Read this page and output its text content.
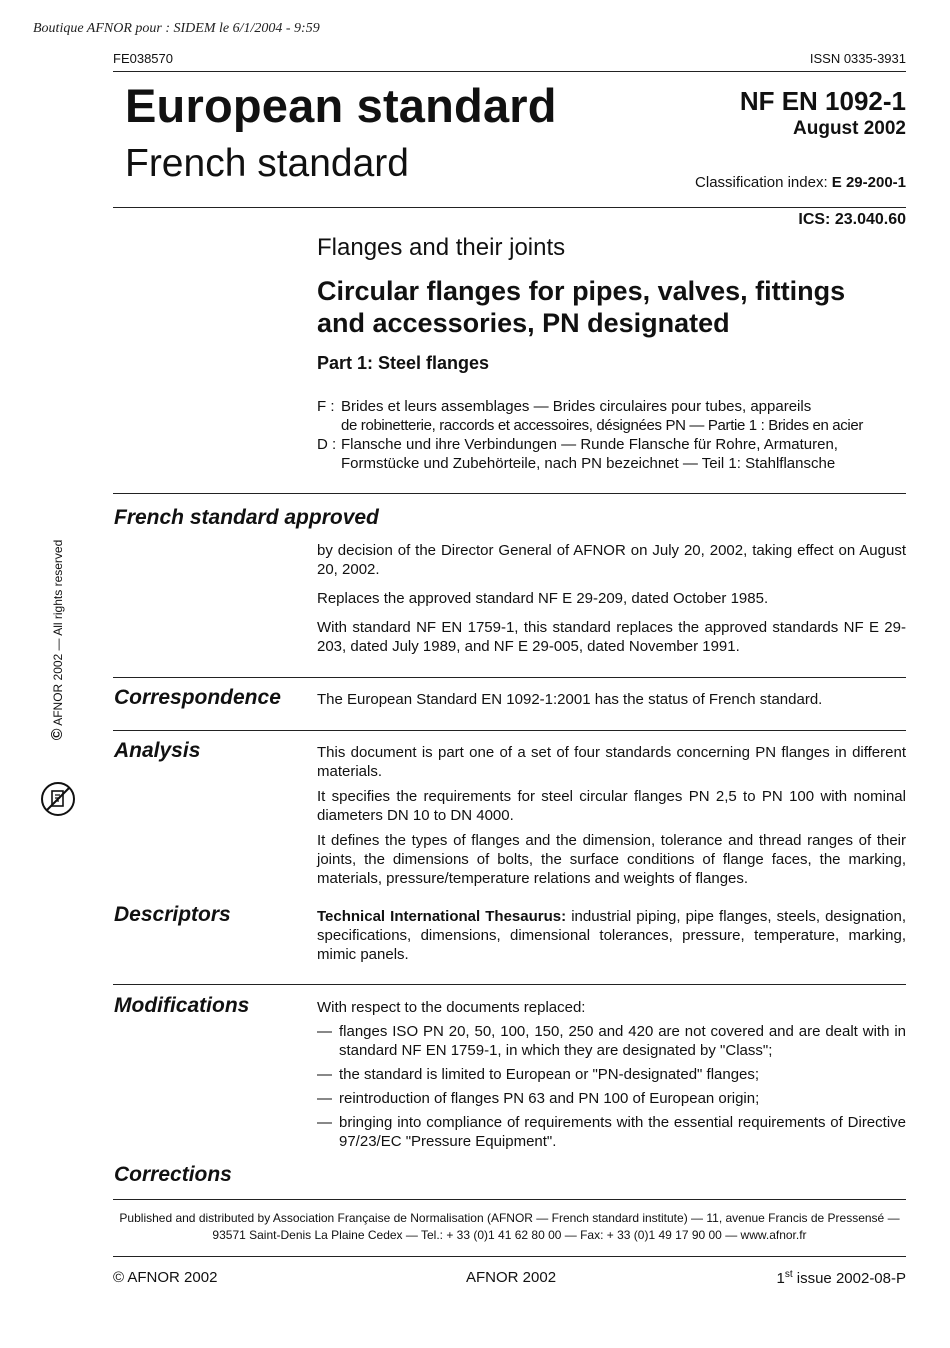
Boutique AFNOR pour : SIDEM le 6/1/2004 - 9:59
FE038570	ISSN 0335-3931
European standard
French standard
NF EN 1092-1
August 2002
Classification index: E 29-200-1
ICS: 23.040.60
Flanges and their joints
Circular flanges for pipes, valves, fittings
and accessories, PN designated
Part 1: Steel flanges
F : Brides et leurs assemblages — Brides circulaires pour tubes, appareils
de robinetterie, raccords et accessoires, désignées PN — Partie 1 : Brides en acier
D : Flansche und ihre Verbindungen — Runde Flansche für Rohre, Armaturen,
Formstücke und Zubehörteile, nach PN bezeichnet — Teil 1: Stahlflansche
French standard approved
by decision of the Director General of AFNOR on July 20, 2002, taking effect on August 20, 2002.
Replaces the approved standard NF E 29-209, dated October 1985.
With standard NF EN 1759-1, this standard replaces the approved standards NF E 29-203, dated July 1989, and NF E 29-005, dated November 1991.
Correspondence The European Standard EN 1092-1:2001 has the status of French standard.
Analysis	This document is part one of a set of four standards concerning PN flanges in different materials.
It specifies the requirements for steel circular flanges PN 2,5 to PN 100 with nominal diameters DN 10 to DN 4000.
It defines the types of flanges and the dimension, tolerance and thread ranges of their joints, the dimensions of bolts, the surface conditions of flange faces, the marking, materials, pressure/temperature relations and weights of flanges.
Descriptors	Technical International Thesaurus: industrial piping, pipe flanges, steels, designation, specifications, dimensions, dimensional tolerances, pressure, temperature, marking, mimic panels.
Modifications	With respect to the documents replaced:
— flanges ISO PN 20, 50, 100, 150, 250 and 420 are not covered and are dealt with in standard NF EN 1759-1, in which they are designated by "Class";
— the standard is limited to European or "PN-designated" flanges;
— reintroduction of flanges PN 63 and PN 100 of European origin;
— bringing into compliance of requirements with the essential requirements of Directive 97/23/EC "Pressure Equipment".
Corrections
© AFNOR 2002 — All rights reserved
Published and distributed by Association Française de Normalisation (AFNOR — French standard institute) — 11, avenue Francis de Pressensé —
93571 Saint-Denis La Plaine Cedex — Tel.: + 33 (0)1 41 62 80 00 — Fax: + 33 (0)1 49 17 90 00 — www.afnor.fr
© AFNOR 2002	AFNOR 2002	1st issue 2002-08-P
